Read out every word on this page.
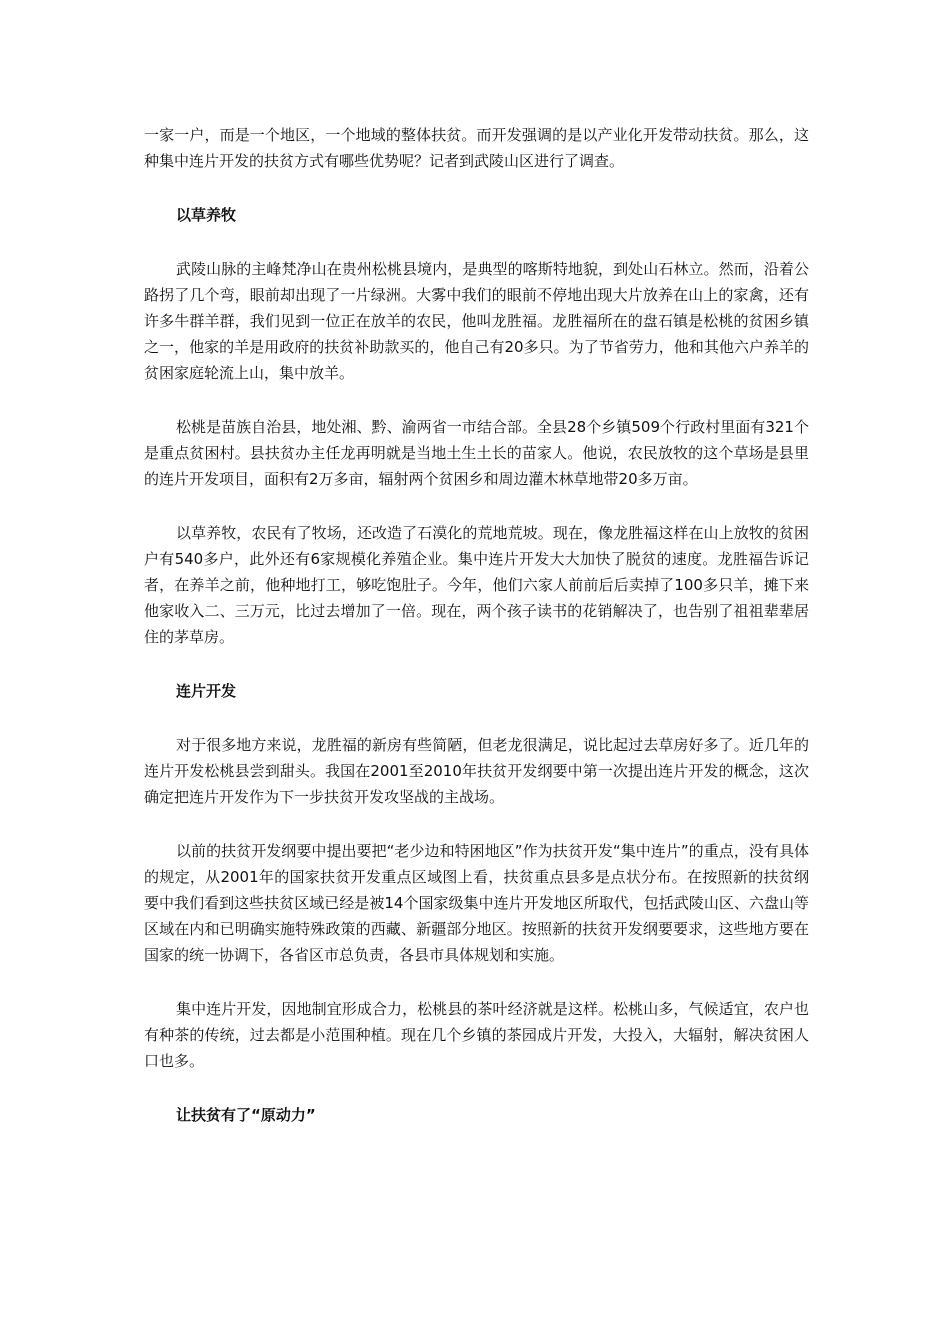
一家一户，而是一个地区，一个地域的整体扶贫。而开发强调的是以产业化开发带动扶贫。那么，这种集中连片开发的扶贫方式有哪些优势呢？记者到武陵山区进行了调查。

以草养牧

武陵山脉的主峰梵净山在贵州松桃县境内，是典型的喀斯特地貌，到处山石林立。然而，沿着公路拐了几个弯，眼前却出现了一片绿洲。大雾中我们的眼前不停地出现大片放养在山上的家禽，还有许多牛群羊群，我们见到一位正在放羊的农民，他叫龙胜福。龙胜福所在的盘石镇是松桃的贫困乡镇之一，他家的羊是用政府的扶贫补助款买的，他自己有20多只。为了节省劳力，他和其他六户养羊的贫困家庭轮流上山，集中放羊。

松桃是苗族自治县，地处湘、黔、渝两省一市结合部。全县28个乡镇509个行政村里面有321个是重点贫困村。县扶贫办主任龙再明就是当地土生土长的苗家人。他说，农民放牧的这个草场是县里的连片开发项目，面积有2万多亩，辐射两个贫困乡和周边灌木林草地带20多万亩。

以草养牧，农民有了牧场，还改造了石漠化的荒地荒坡。现在，像龙胜福这样在山上放牧的贫困户有540多户，此外还有6家规模化养殖企业。集中连片开发大大加快了脱贫的速度。龙胜福告诉记者，在养羊之前，他种地打工，够吃饱肚子。今年，他们六家人前前后后卖掉了100多只羊，摊下来他家收入二、三万元，比过去增加了一倍。现在，两个孩子读书的花销解决了，也告别了祖祖辈辈居住的茅草房。

连片开发

对于很多地方来说，龙胜福的新房有些简陋，但老龙很满足，说比起过去草房好多了。近几年的连片开发松桃县尝到甜头。我国在2001至2010年扶贫开发纲要中第一次提出连片开发的概念，这次确定把连片开发作为下一步扶贫开发攻坚战的主战场。

以前的扶贫开发纲要中提出要把“老少边和特困地区”作为扶贫开发“集中连片”的重点，没有具体的规定，从2001年的国家扶贫开发重点区域图上看，扶贫重点县多是点状分布。在按照新的扶贫纲要中我们看到这些扶贫区域已经是被14个国家级集中连片开发地区所取代，包括武陵山区、六盘山等区域在内和已明确实施特殊政策的西藏、新疆部分地区。按照新的扶贫开发纲要要求，这些地方要在国家的统一协调下，各省区市总负责，各县市具体规划和实施。

集中连片开发，因地制宜形成合力，松桃县的茶叶经济就是这样。松桃山多，气候适宜，农户也有种茶的传统，过去都是小范围种植。现在几个乡镇的茶园成片开发，大投入，大辐射，解决贫困人口也多。

让扶贫有了“原动力”
